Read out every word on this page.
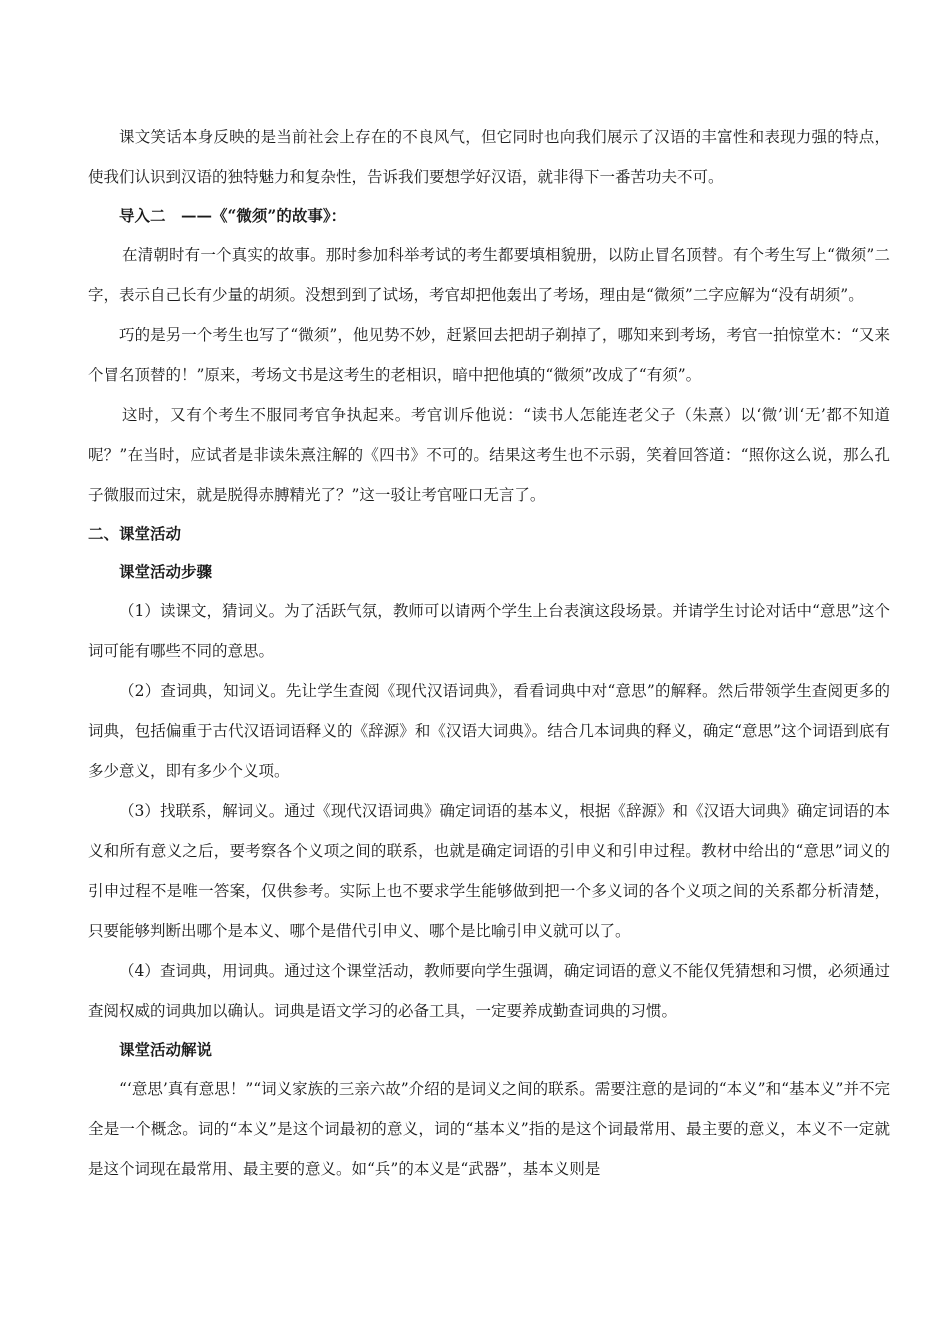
课文笑话本身反映的是当前社会上存在的不良风气，但它同时也向我们展示了汉语的丰富性和表现力强的特点，使我们认识到汉语的独特魅力和复杂性，告诉我们要想学好汉语，就非得下一番苦功夫不可。

导入二　——《“微须”的故事》：

在清朝时有一个真实的故事。那时参加科举考试的考生都要填相貌册，以防止冒名顶替。有个考生写上“微须”二字，表示自己长有少量的胡须。没想到到了试场，考官却把他轰出了考场，理由是“微须”二字应解为“没有胡须”。

巧的是另一个考生也写了“微须”，他见势不妙，赶紧回去把胡子剃掉了，哪知来到考场，考官一拍惊堂木：“又来个冒名顶替的！”原来，考场文书是这考生的老相识，暗中把他填的“微须”改成了“有须”。

这时，又有个考生不服同考官争执起来。考官训斥他说：“读书人怎能连老父子（朱熹）以‘微’训‘无’都不知道呢？”在当时，应试者是非读朱熹注解的《四书》不可的。结果这考生也不示弱，笑着回答道：“照你这么说，那么孔子微服而过宋，就是脱得赤膊精光了？”这一驳让考官哑口无言了。

二、课堂活动

课堂活动步骤

（1）读课文，猜词义。为了活跃气氛，教师可以请两个学生上台表演这段场景。并请学生讨论对话中“意思”这个词可能有哪些不同的意思。

（2）查词典，知词义。先让学生查阅《现代汉语词典》，看看词典中对“意思”的解释。然后带领学生查阅更多的词典，包括偏重于古代汉语词语释义的《辞源》和《汉语大词典》。结合几本词典的释义，确定“意思”这个词语到底有多少意义，即有多少个义项。

（3）找联系，解词义。通过《现代汉语词典》确定词语的基本义，根据《辞源》和《汉语大词典》确定词语的本义和所有意义之后，要考察各个义项之间的联系，也就是确定词语的引申义和引申过程。教材中给出的“意思”词义的引申过程不是唯一答案，仅供参考。实际上也不要求学生能够做到把一个多义词的各个义项之间的关系都分析清楚，只要能够判断出哪个是本义、哪个是借代引申义、哪个是比喻引申义就可以了。

（4）查词典，用词典。通过这个课堂活动，教师要向学生强调，确定词语的意义不能仅凭猜想和习惯，必须通过查阅权威的词典加以确认。词典是语文学习的必备工具，一定要养成勤查词典的习惯。

课堂活动解说

“‘意思’真有意思！”“词义家族的三亲六故”介绍的是词义之间的联系。需要注意的是词的“本义”和“基本义”并不完全是一个概念。词的“本义”是这个词最初的意义，词的“基本义”指的是这个词最常用、最主要的意义，本义不一定就是这个词现在最常用、最主要的意义。如“兵”的本义是“武器”，基本义则是
